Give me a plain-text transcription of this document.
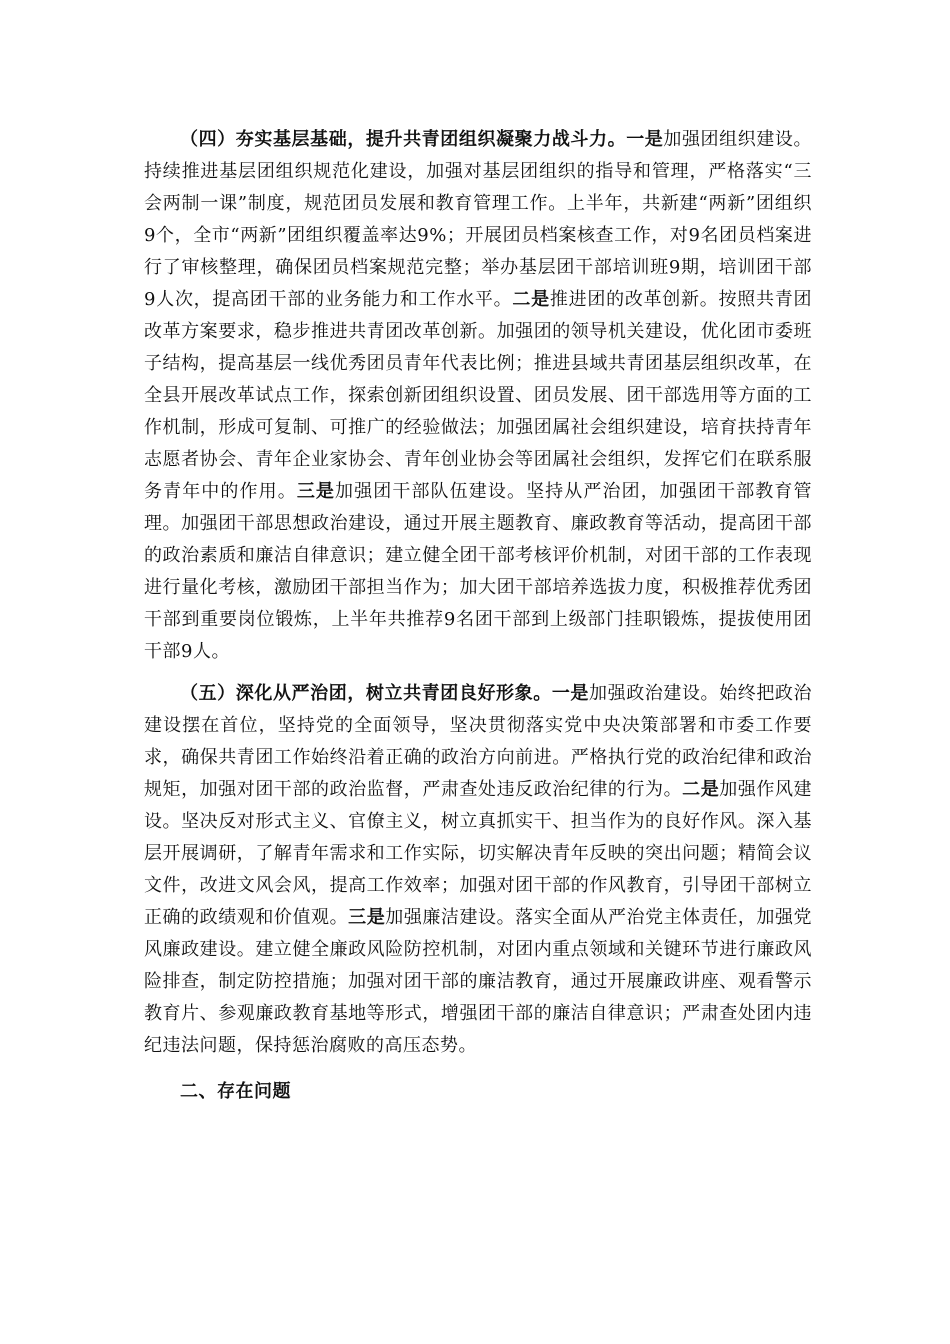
（四）夯实基层基础，提升共青团组织凝聚力战斗力。一是加强团组织建设。持续推进基层团组织规范化建设，加强对基层团组织的指导和管理，严格落实“三会两制一课”制度，规范团员发展和教育管理工作。上半年，共新建“两新”团组织9个，全市“两新”团组织覆盖率达9%；开展团员档案核查工作，对9名团员档案进行了审核整理，确保团员档案规范完整；举办基层团干部培训班9期，培训团干部9人次，提高团干部的业务能力和工作水平。二是推进团的改革创新。按照共青团改革方案要求，稳步推进共青团改革创新。加强团的领导机关建设，优化团市委班子结构，提高基层一线优秀团员青年代表比例；推进县域共青团基层组织改革，在全县开展改革试点工作，探索创新团组织设置、团员发展、团干部选用等方面的工作机制，形成可复制、可推广的经验做法；加强团属社会组织建设，培育扶持青年志愿者协会、青年企业家协会、青年创业协会等团属社会组织，发挥它们在联系服务青年中的作用。三是加强团干部队伍建设。坚持从严治团，加强团干部教育管理。加强团干部思想政治建设，通过开展主题教育、廉政教育等活动，提高团干部的政治素质和廉洁自律意识；建立健全团干部考核评价机制，对团干部的工作表现进行量化考核，激励团干部担当作为；加大团干部培养选拔力度，积极推荐优秀团干部到重要岗位锻炼，上半年共推荐9名团干部到上级部门挂职锻炼，提拔使用团干部9人。

（五）深化从严治团，树立共青团良好形象。一是加强政治建设。始终把政治建设摆在首位，坚持党的全面领导，坚决贯彻落实党中央决策部署和市委工作要求，确保共青团工作始终沿着正确的政治方向前进。严格执行党的政治纪律和政治规矩，加强对团干部的政治监督，严肃查处违反政治纪律的行为。二是加强作风建设。坚决反对形式主义、官僚主义，树立真抓实干、担当作为的良好作风。深入基层开展调研，了解青年需求和工作实际，切实解决青年反映的突出问题；精简会议文件，改进文风会风，提高工作效率；加强对团干部的作风教育，引导团干部树立正确的政绩观和价值观。三是加强廉洁建设。落实全面从严治党主体责任，加强党风廉政建设。建立健全廉政风险防控机制，对团内重点领域和关键环节进行廉政风险排查，制定防控措施；加强对团干部的廉洁教育，通过开展廉政讲座、观看警示教育片、参观廉政教育基地等形式，增强团干部的廉洁自律意识；严肃查处团内违纪违法问题，保持惩治腐败的高压态势。

二、存在问题
